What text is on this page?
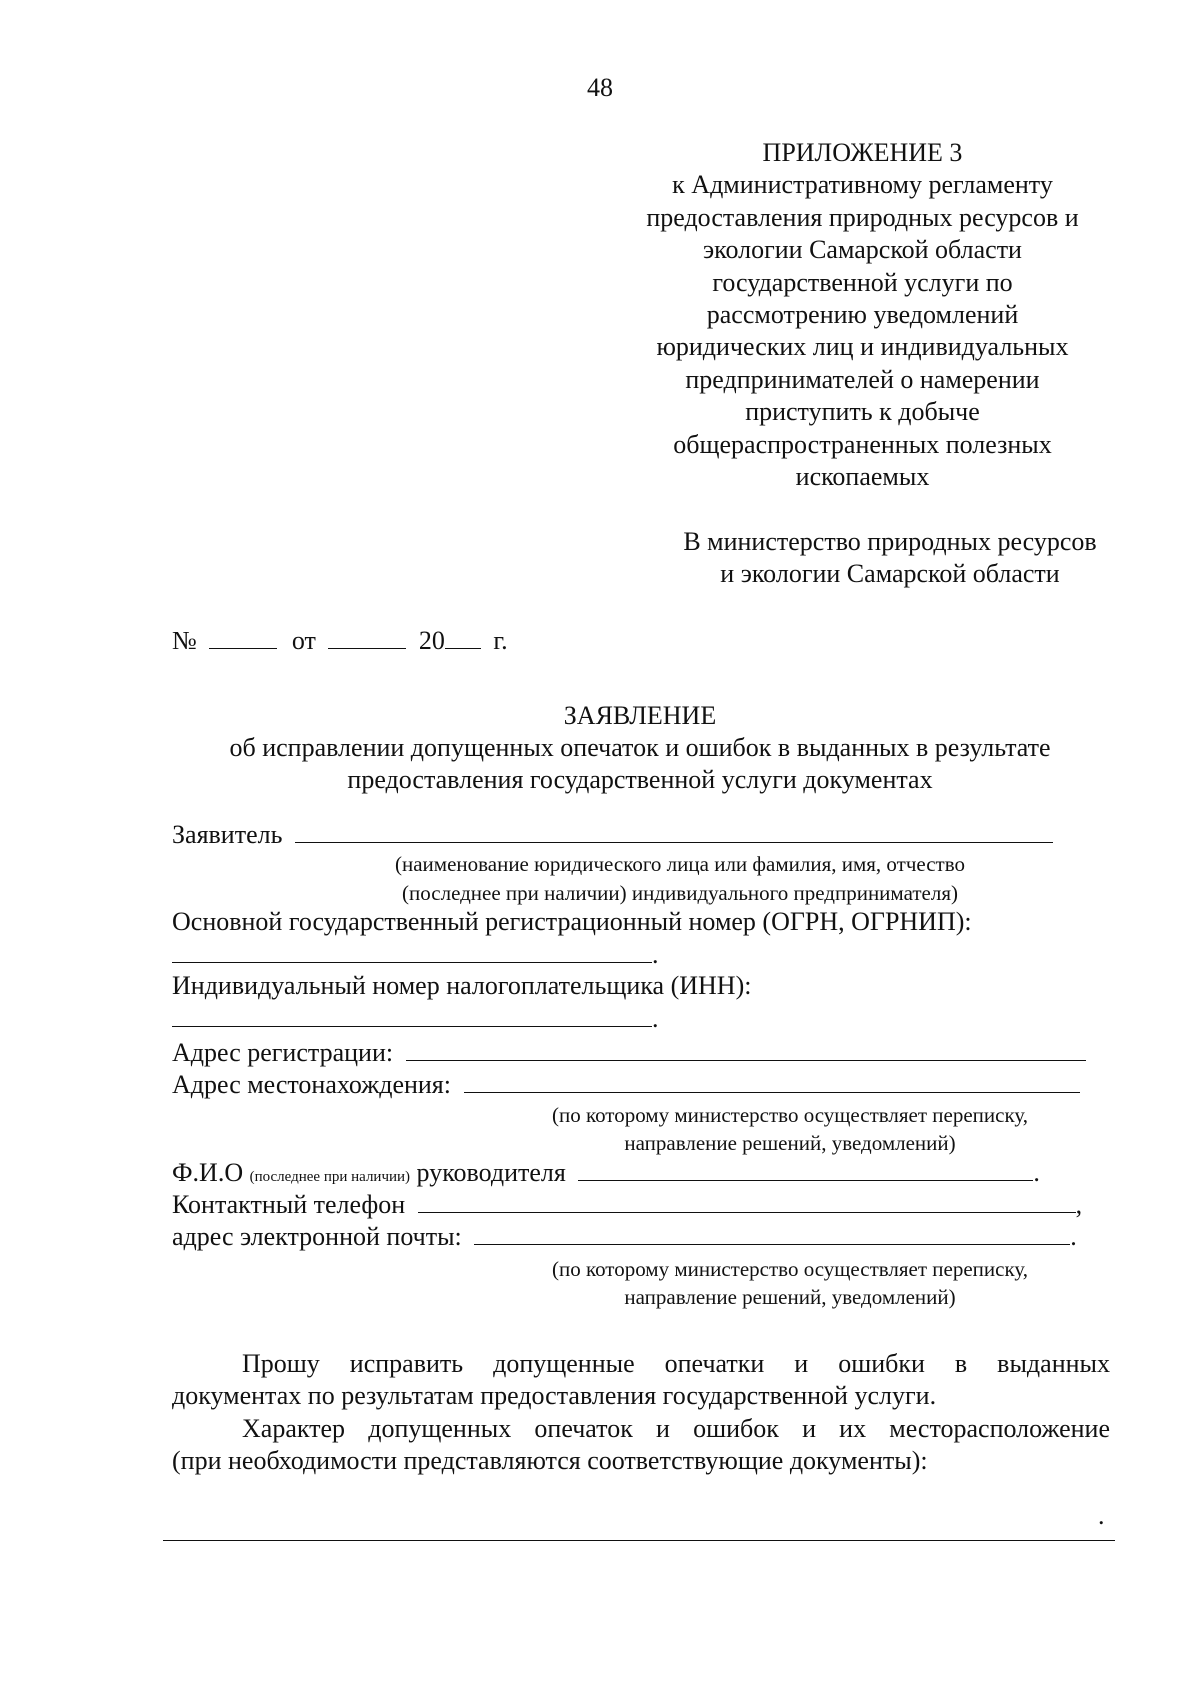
48
ПРИЛОЖЕНИЕ 3
к Административному регламенту
предоставления природных ресурсов и
экологии Самарской области
государственной услуги по
рассмотрению уведомлений
юридических лиц и индивидуальных
предпринимателей о намерении
приступить к добыче
общераспространенных полезных
ископаемых
В министерство природных ресурсов
и экологии Самарской области
№	от	20 г.
ЗАЯВЛЕНИЕ
об исправлении допущенных опечаток и ошибок в выданных в результате
предоставления государственной услуги документах
Заявитель
(наименование юридического лица или фамилия, имя, отчество
(последнее при наличии) индивидуального предпринимателя)
Основной государственный регистрационный номер (ОГРН, ОГРНИП):
.
Индивидуальный номер налогоплательщика (ИНН):
.
Адрес регистрации:
Адрес местонахождения:
(по которому министерство осуществляет переписку,
направление решений, уведомлений)
Ф.И.О (последнее при наличии) руководителя	.
Контактный телефон	,
адрес электронной почты:	.
(по которому министерство осуществляет переписку,
направление решений, уведомлений)
Прошу исправить допущенные опечатки и ошибки в выданных
документах по результатам предоставления государственной услуги.
Характер допущенных опечаток и ошибок и их месторасположение
(при необходимости представляются соответствующие документы):
.
